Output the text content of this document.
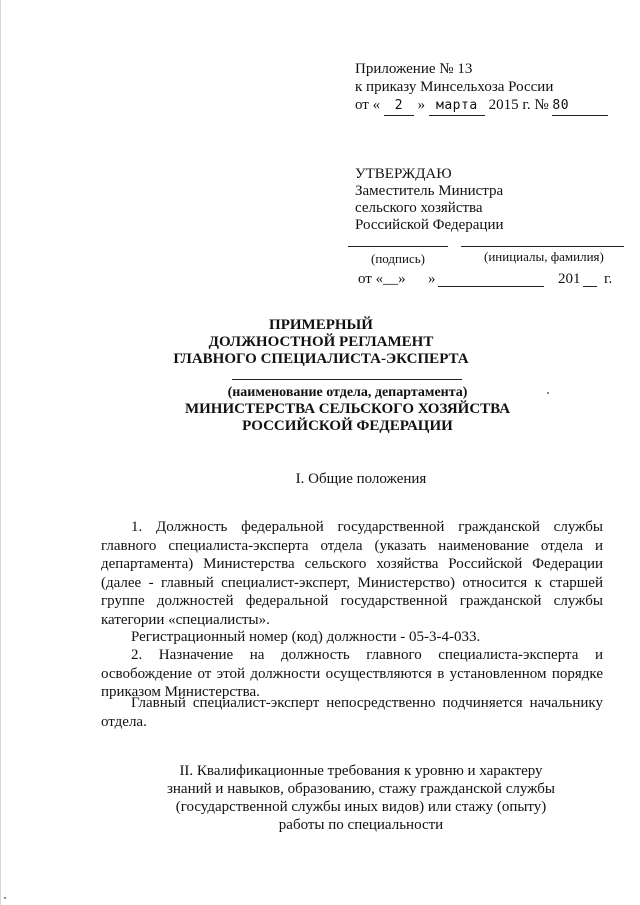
Приложение № 13
к приказу Минсельхоза России
от « 2 » марта 2015 г. № 80
УТВЕРЖДАЮ
Заместитель Министра
сельского хозяйства
Российской Федерации
(подпись)	(инициалы, фамилия)
от «__» »	201 г.
ПРИМЕРНЫЙ
ДОЛЖНОСТНОЙ РЕГЛАМЕНТ
ГЛАВНОГО СПЕЦИАЛИСТА-ЭКСПЕРТА
(наименование отдела, департамента)
МИНИСТЕРСТВА СЕЛЬСКОГО ХОЗЯЙСТВА
РОССИЙСКОЙ ФЕДЕРАЦИИ
I. Общие положения
1. Должность федеральной государственной гражданской службы главного специалиста-эксперта отдела (указать наименование отдела и департамента) Министерства сельского хозяйства Российской Федерации (далее - главный специалист-эксперт, Министерство) относится к старшей группе должностей федеральной государственной гражданской службы категории «специалисты».
Регистрационный номер (код) должности - 05-3-4-033.
2. Назначение на должность главного специалиста-эксперта и освобождение от этой должности осуществляются в установленном порядке приказом Министерства.
Главный специалист-эксперт непосредственно подчиняется начальнику отдела.
II. Квалификационные требования к уровню и характеру
знаний и навыков, образованию, стажу гражданской службы
(государственной службы иных видов) или стажу (опыту)
работы по специальности
